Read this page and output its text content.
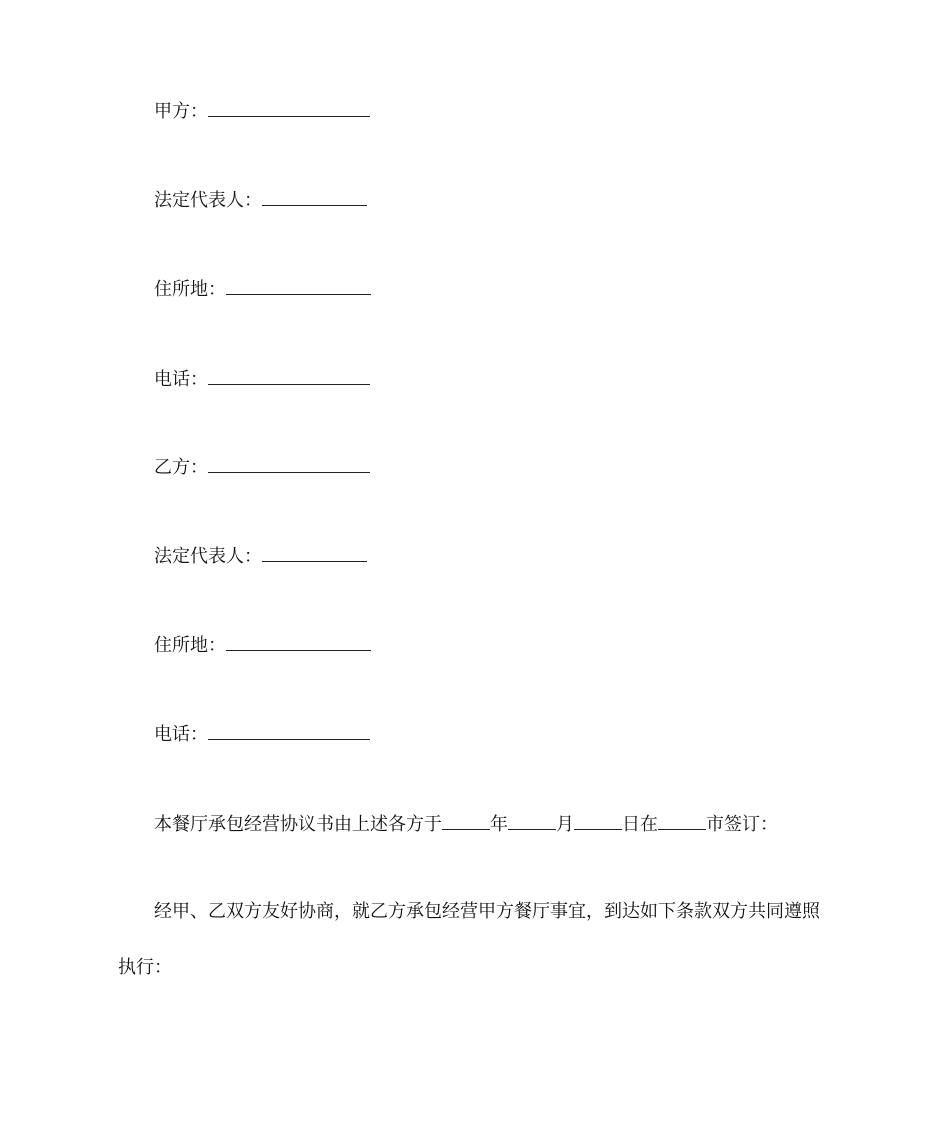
甲方：
法定代表人：
住所地：
电话：
乙方：
法定代表人：
住所地：
电话：
本餐厅承包经营协议书由上述各方于	年	月	日在	市签订：
经甲、乙双方友好协商，就乙方承包经营甲方餐厅事宜，到达如下条款双方共同遵照
执行：
